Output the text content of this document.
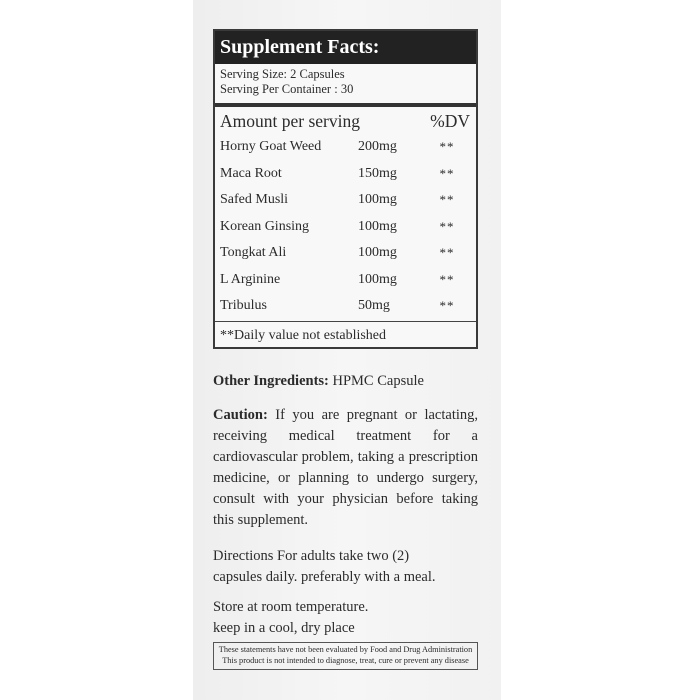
Supplement Facts:
Serving Size: 2 Capsules
Serving Per Container : 30
Amount per serving	%DV
Horny Goat Weed	200mg	**
Maca Root	150mg	**
Safed Musli	100mg	**
Korean Ginsing	100mg	**
Tongkat Ali	100mg	**
L Arginine	100mg	**
Tribulus	50mg	**
**Daily value not established
Other Ingredients: HPMC Capsule
Caution: If you are pregnant or lactating, receiving medical treatment for a cardiovascular problem, taking a prescription medicine, or planning to undergo surgery, consult with your physician before taking this supplement.
Directions For adults take two (2)
capsules daily. preferably with a meal.
Store at room temperature.
keep in a cool, dry place
These statements have not been evaluated by Food and Drug Administration
This product is not intended to diagnose, treat, cure or prevent any disease
